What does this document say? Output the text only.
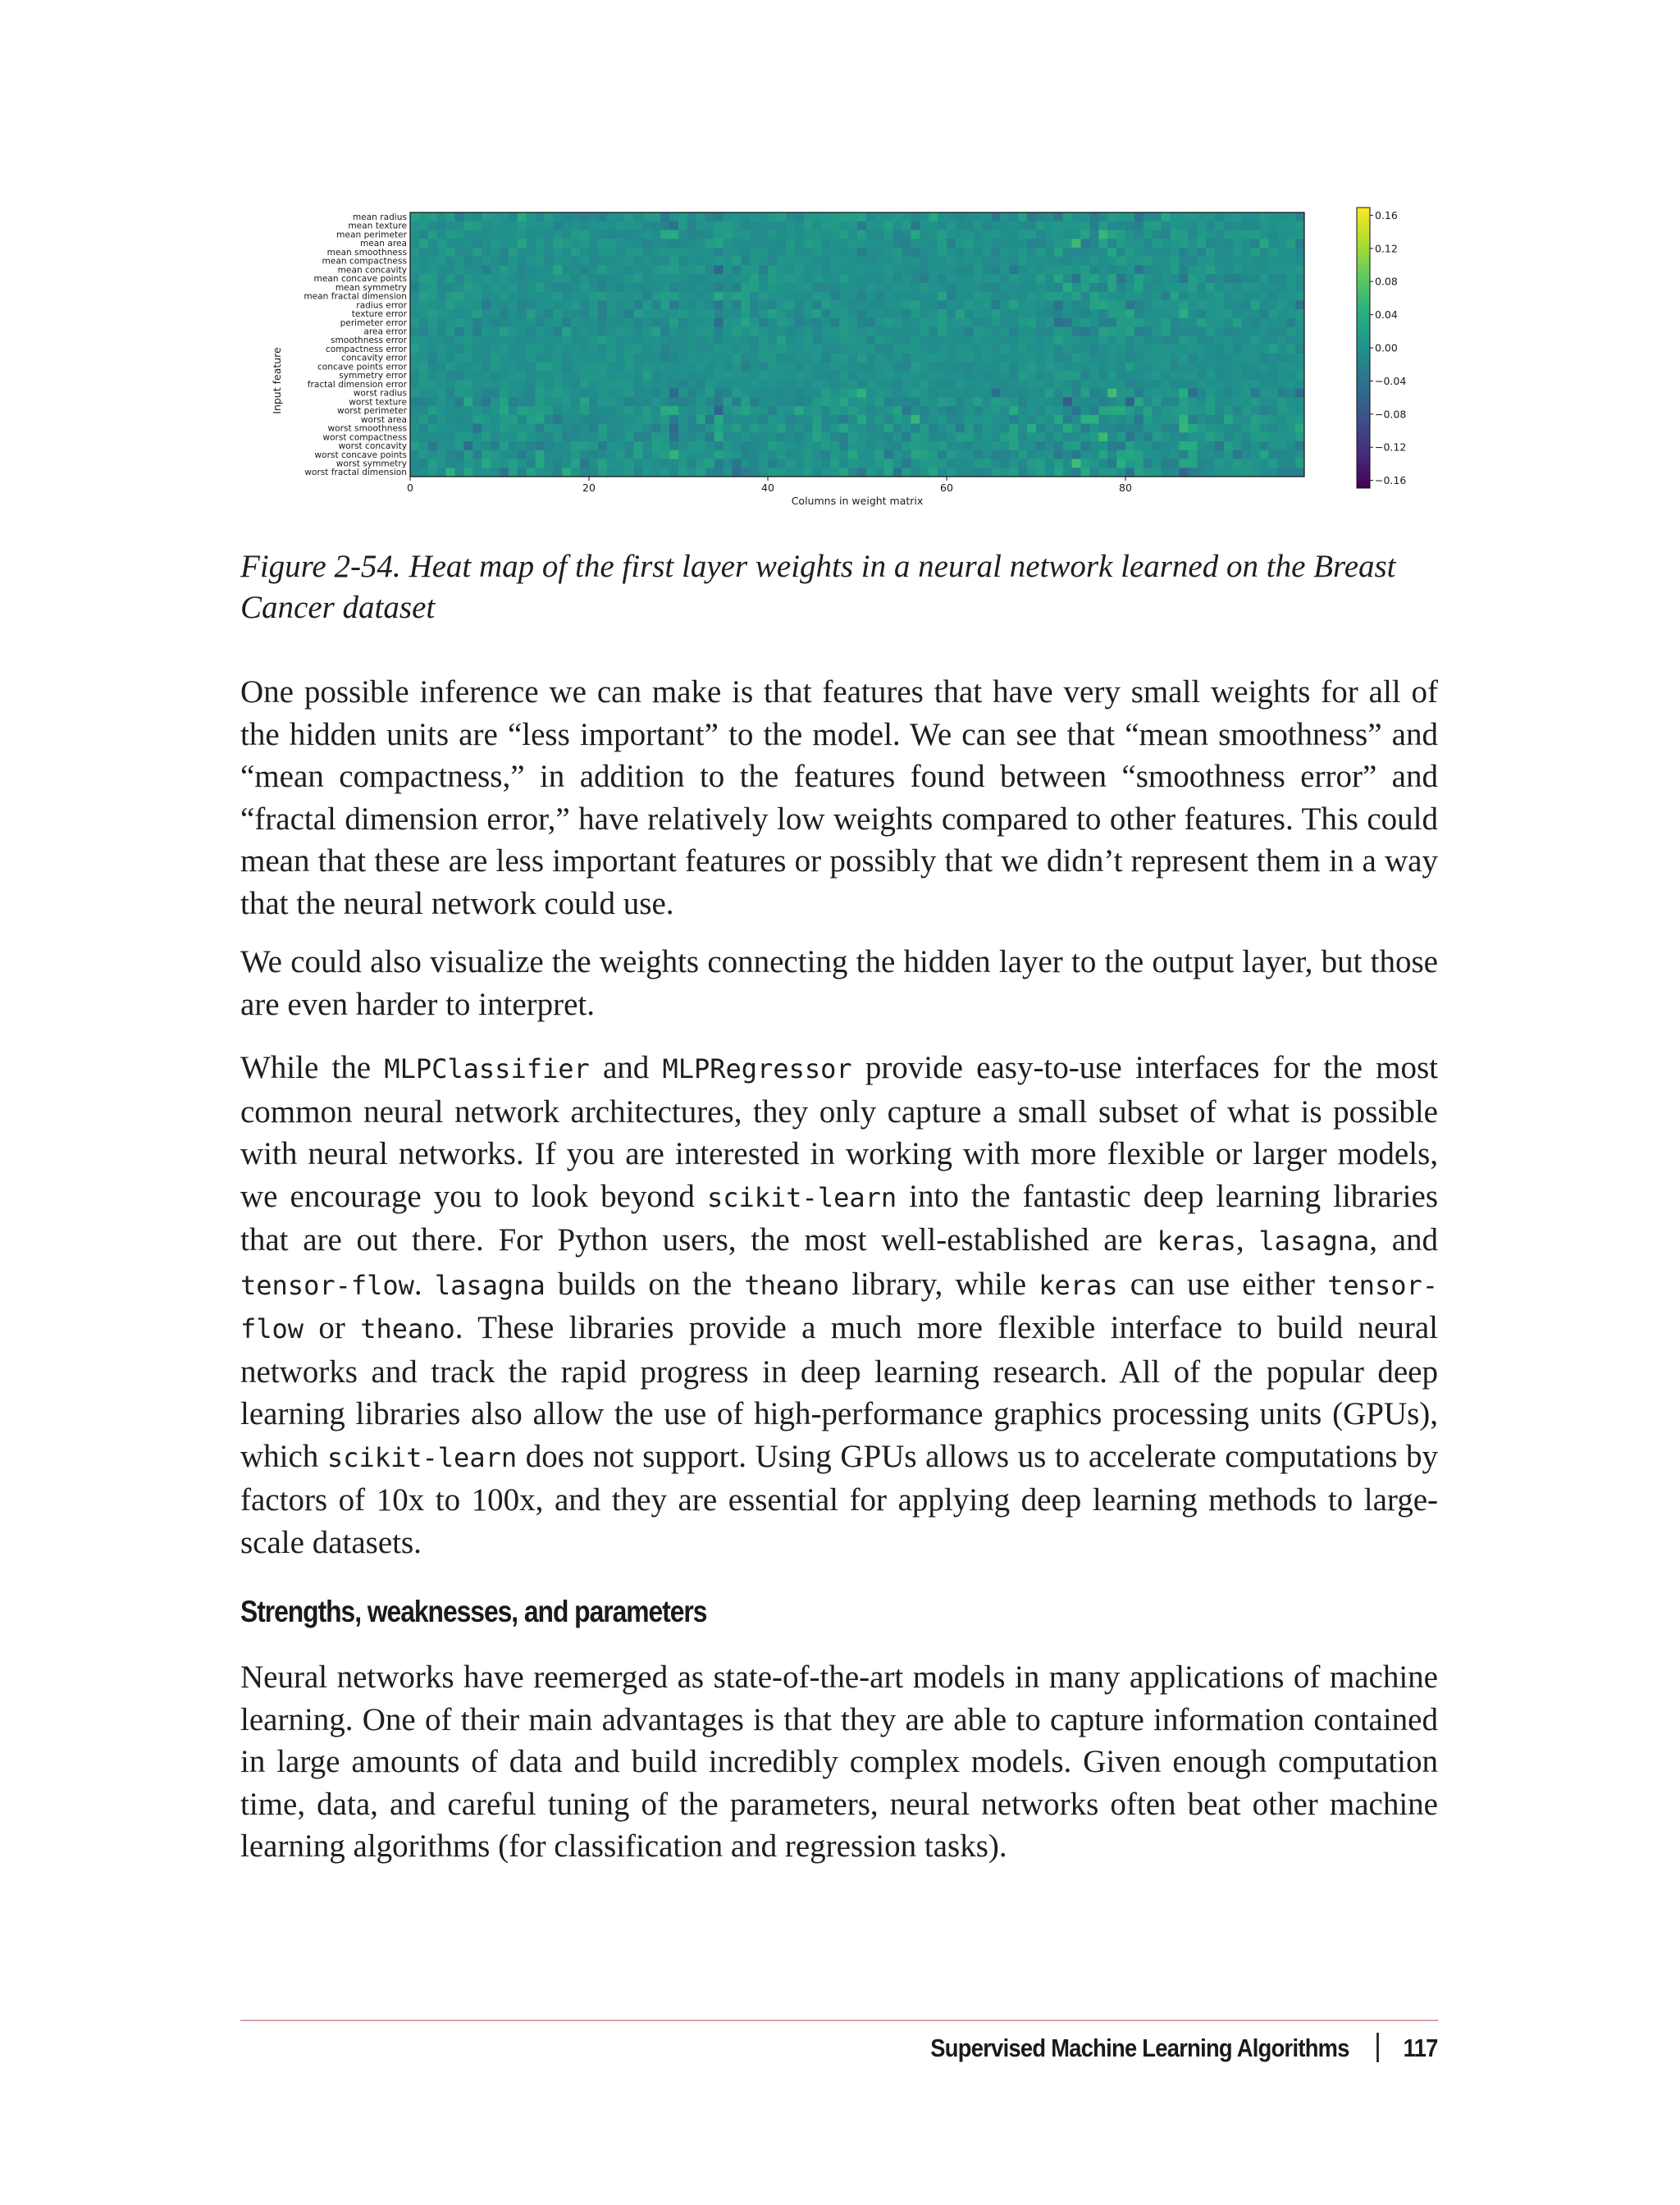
mean radius
mean texture
mean perimeter
mean area
mean smoothness
mean compactness
mean concavity
mean concave points
mean symmetry
mean fractal dimension
radius error
texture error
perimeter error
area error
smoothness error
compactness error
concavity error
concave points error
symmetry error
fractal dimension error
worst radius
worst texture
worst perimeter
worst area
worst smoothness
worst compactness
worst concavity
worst concave points
worst symmetry
worst fractal dimension
Input feature
0	20	40	60	80
Columns in weight matrix
0.16
0.12
0.08
0.04
0.00
−0.04
−0.08
−0.12
−0.16
Figure 2-54. Heat map of the first layer weights in a neural network learned on the Breast Cancer dataset

One possible inference we can make is that features that have very small weights for all of the hidden units are “less important” to the model. We can see that “mean smoothness” and “mean compactness,” in addition to the features found between “smoothness error” and “fractal dimension error,” have relatively low weights compared to other features. This could mean that these are less important features or possibly that we didn’t represent them in a way that the neural network could use.

We could also visualize the weights connecting the hidden layer to the output layer, but those are even harder to interpret.

While the MLPClassifier and MLPRegressor provide easy-to-use interfaces for the most common neural network architectures, they only capture a small subset of what is possible with neural networks. If you are interested in working with more flexible or larger models, we encourage you to look beyond scikit-learn into the fantastic deep learning libraries that are out there. For Python users, the most well-established are keras, lasagna, and tensor-flow. lasagna builds on the theano library, while keras can use either tensor-flow or theano. These libraries provide a much more flexible interface to build neural networks and track the rapid progress in deep learning research. All of the popular deep learning libraries also allow the use of high-performance graphics processing units (GPUs), which scikit-learn does not support. Using GPUs allows us to accelerate computations by factors of 10x to 100x, and they are essential for applying deep learning methods to large-scale datasets.

Strengths, weaknesses, and parameters

Neural networks have reemerged as state-of-the-art models in many applications of machine learning. One of their main advantages is that they are able to capture information contained in large amounts of data and build incredibly complex models. Given enough computation time, data, and careful tuning of the parameters, neural networks often beat other machine learning algorithms (for classification and regression tasks).

Supervised Machine Learning Algorithms 117
